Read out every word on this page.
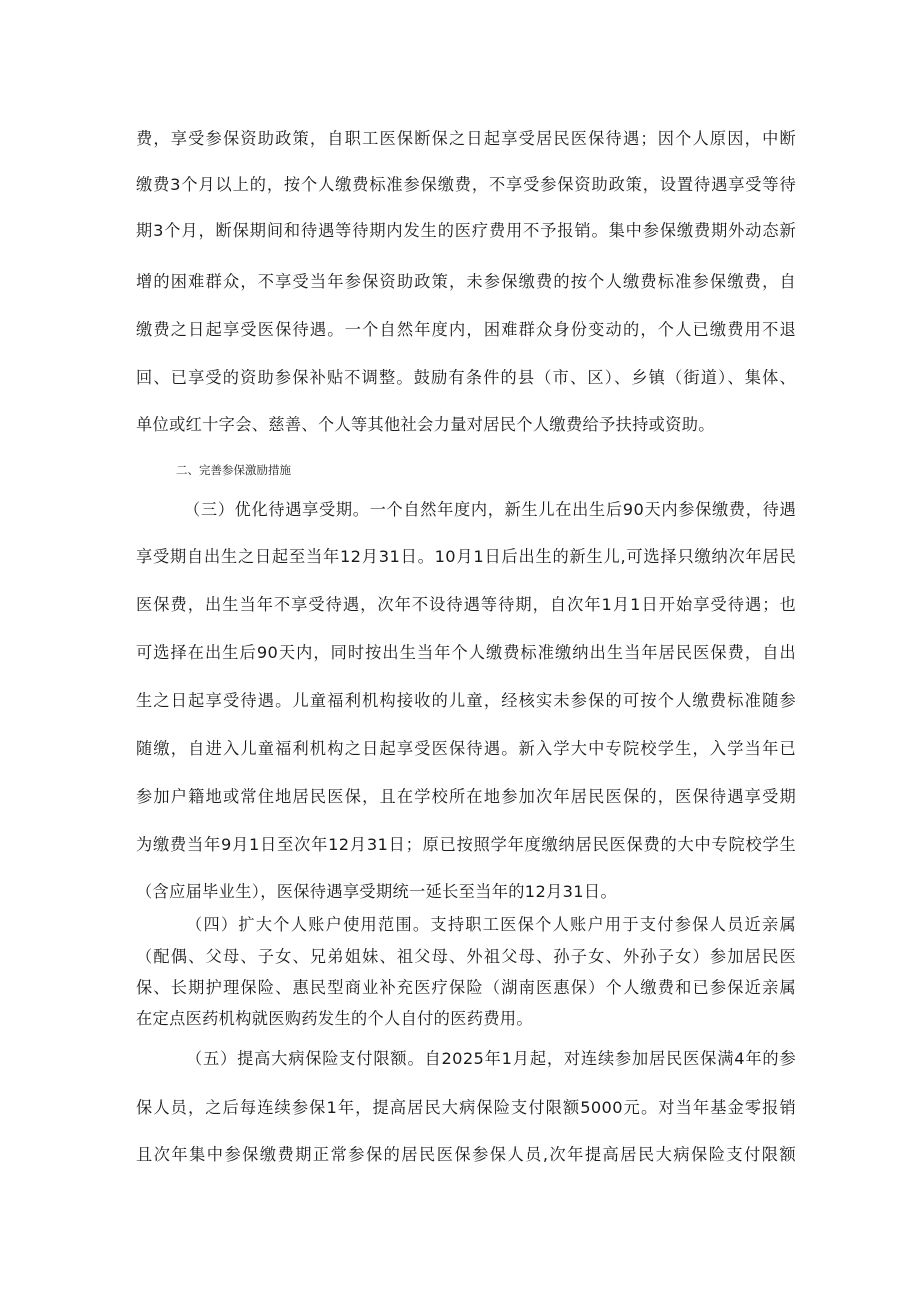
费，享受参保资助政策，自职工医保断保之日起享受居民医保待遇；因个人原因，中断
缴费3个月以上的，按个人缴费标准参保缴费，不享受参保资助政策，设置待遇享受等待
期3个月，断保期间和待遇等待期内发生的医疗费用不予报销。集中参保缴费期外动态新
增的困难群众，不享受当年参保资助政策，未参保缴费的按个人缴费标准参保缴费，自
缴费之日起享受医保待遇。一个自然年度内，困难群众身份变动的，个人已缴费用不退
回、已享受的资助参保补贴不调整。鼓励有条件的县（市、区）、乡镇（街道）、集体、
单位或红十字会、慈善、个人等其他社会力量对居民个人缴费给予扶持或资助。
二、完善参保激励措施
（三）优化待遇享受期。一个自然年度内，新生儿在出生后90天内参保缴费，待遇
享受期自出生之日起至当年12月31日。10月1日后出生的新生儿,可选择只缴纳次年居民
医保费，出生当年不享受待遇，次年不设待遇等待期，自次年1月1日开始享受待遇；也
可选择在出生后90天内，同时按出生当年个人缴费标准缴纳出生当年居民医保费，自出
生之日起享受待遇。儿童福利机构接收的儿童，经核实未参保的可按个人缴费标准随参
随缴，自进入儿童福利机构之日起享受医保待遇。新入学大中专院校学生，入学当年已
参加户籍地或常住地居民医保，且在学校所在地参加次年居民医保的，医保待遇享受期
为缴费当年9月1日至次年12月31日；原已按照学年度缴纳居民医保费的大中专院校学生
（含应届毕业生），医保待遇享受期统一延长至当年的12月31日。
（四）扩大个人账户使用范围。支持职工医保个人账户用于支付参保人员近亲属
（配偶、父母、子女、兄弟姐妹、祖父母、外祖父母、孙子女、外孙子女）参加居民医
保、长期护理保险、惠民型商业补充医疗保险（湖南医惠保）个人缴费和已参保近亲属
在定点医药机构就医购药发生的个人自付的医药费用。
（五）提高大病保险支付限额。自2025年1月起，对连续参加居民医保满4年的参
保人员，之后每连续参保1年，提高居民大病保险支付限额5000元。对当年基金零报销
且次年集中参保缴费期正常参保的居民医保参保人员,次年提高居民大病保险支付限额
